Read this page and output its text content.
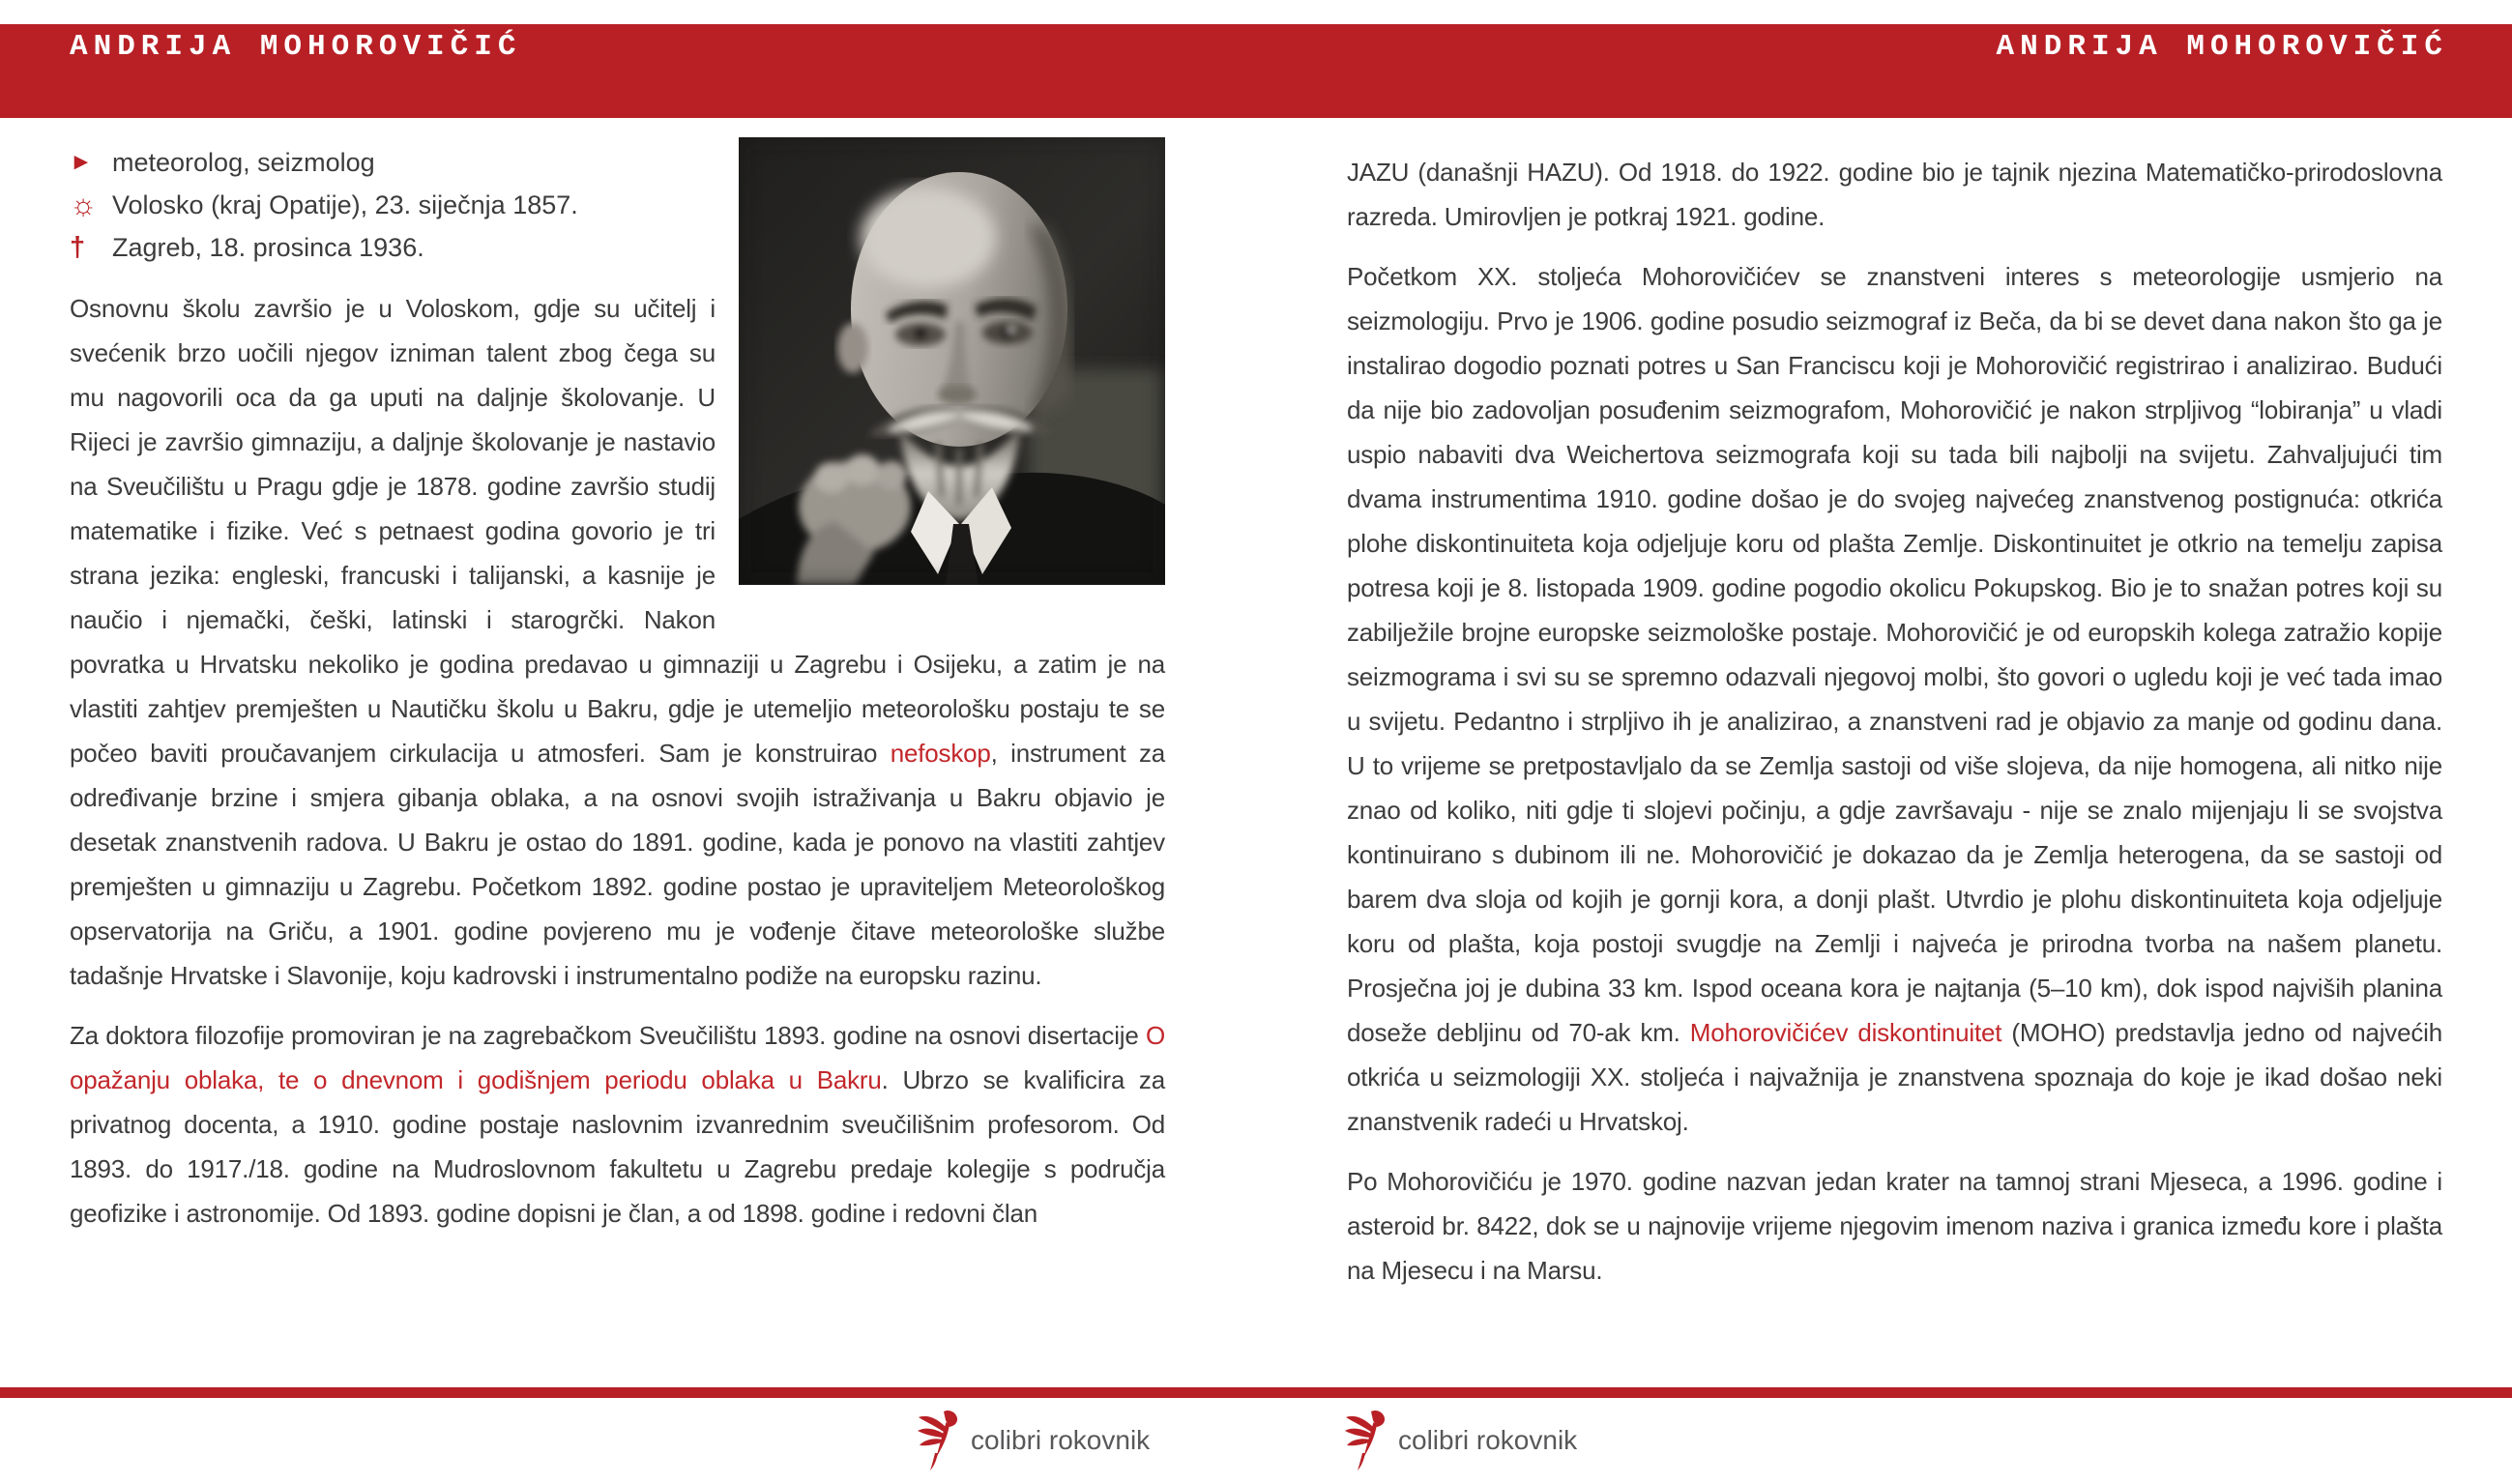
ANDRIJA MOHOROVIČIĆ	ANDRIJA MOHOROVIČIĆ
► meteorolog, seizmolog
☼ Volosko (kraj Opatije), 23. siječnja 1857.
†	Zagreb, 18. prosinca 1936.

Osnovnu školu završio je u Voloskom, gdje su učitelj i svećenik brzo uočili njegov izniman talent zbog čega su mu nagovorili oca da ga uputi na daljnje školovanje. U Rijeci je završio gimnaziju, a daljnje školovanje je nastavio na Sveučilištu u Pragu gdje je 1878. godine završio studij matematike i fizike. Već s petnaest godina govorio je tri strana jezika: engleski, francuski i talijanski, a kasnije je naučio i njemački, češki, latinski i starogrčki. Nakon povratka u Hrvatsku nekoliko je godina predavao u gimnaziji u Zagrebu i Osijeku, a zatim je na vlastiti zahtjev premješten u Nautičku školu u Bakru, gdje je utemeljio meteorološku postaju te se počeo baviti proučavanjem cirkulacija u atmosferi. Sam je konstruirao nefoskop, instrument za određivanje brzine i smjera gibanja oblaka, a na osnovi svojih istraživanja u Bakru objavio je desetak znanstvenih radova. U Bakru je ostao do 1891. godine, kada je ponovo na vlastiti zahtjev premješten u gimnaziju u Zagrebu. Početkom 1892. godine postao je upraviteljem Meteorološkog opservatorija na Griču, a 1901. godine povjereno mu je vođenje čitave meteorološke službe tadašnje Hrvatske i Slavonije, koju kadrovski i instrumentalno podiže na europsku razinu.

Za doktora filozofije promoviran je na zagrebačkom Sveučilištu 1893. godine na osnovi disertacije O opažanju oblaka, te o dnevnom i godišnjem periodu oblaka u Bakru. Ubrzo se kvalificira za privatnog docenta, a 1910. godine postaje naslovnim izvanrednim sveučilišnim profesorom. Od 1893. do 1917./18. godine na Mudroslovnom fakultetu u Zagrebu predaje kolegije s područja geofizike i astronomije. Od 1893. godine dopisni je član, a od 1898. godine i redovni član

JAZU (današnji HAZU). Od 1918. do 1922. godine bio je tajnik njezina Matematičko-prirodoslovna razreda. Umirovljen je potkraj 1921. godine.

Početkom XX. stoljeća Mohorovičićev se znanstveni interes s meteorologije usmjerio na seizmologiju. Prvo je 1906. godine posudio seizmograf iz Beča, da bi se devet dana nakon što ga je instalirao dogodio poznati potres u San Franciscu koji je Mohorovičić registrirao i analizirao. Budući da nije bio zadovoljan posuđenim seizmografom, Mohorovičić je nakon strpljivog “lobiranja” u vladi uspio nabaviti dva Weichertova seizmografa koji su tada bili najbolji na svijetu. Zahvaljujući tim dvama instrumentima 1910. godine došao je do svojeg najvećeg znanstvenog postignuća: otkrića plohe diskontinuiteta koja odjeljuje koru od plašta Zemlje. Diskontinuitet je otkrio na temelju zapisa potresa koji je 8. listopada 1909. godine pogodio okolicu Pokupskog. Bio je to snažan potres koji su zabilježile brojne europske seizmološke postaje. Mohorovičić je od europskih kolega zatražio kopije seizmograma i svi su se spremno odazvali njegovoj molbi, što govori o ugledu koji je već tada imao u svijetu. Pedantno i strpljivo ih je analizirao, a znanstveni rad je objavio za manje od godinu dana. U to vrijeme se pretpostavljalo da se Zemlja sastoji od više slojeva, da nije homogena, ali nitko nije znao od koliko, niti gdje ti slojevi počinju, a gdje završavaju - nije se znalo mijenjaju li se svojstva kontinuirano s dubinom ili ne. Mohorovičić je dokazao da je Zemlja heterogena, da se sastoji od barem dva sloja od kojih je gornji kora, a donji plašt. Utvrdio je plohu diskontinuiteta koja odjeljuje koru od plašta, koja postoji svugdje na Zemlji i najveća je prirodna tvorba na našem planetu. Prosječna joj je dubina 33 km. Ispod oceana kora je najtanja (5–10 km), dok ispod najviših planina doseže debljinu od 70-ak km. Mohorovičićev diskontinuitet (MOHO) predstavlja jedno od najvećih otkrića u seizmologiji XX. stoljeća i najvažnija je znanstvena spoznaja do koje je ikad došao neki znanstvenik radeći u Hrvatskoj.

Po Mohorovičiću je 1970. godine nazvan jedan krater na tamnoj strani Mjeseca, a 1996. godine i asteroid br. 8422, dok se u najnovije vrijeme njegovim imenom naziva i granica između kore i plašta na Mjesecu i na Marsu.

colibri rokovnik	colibri rokovnik
